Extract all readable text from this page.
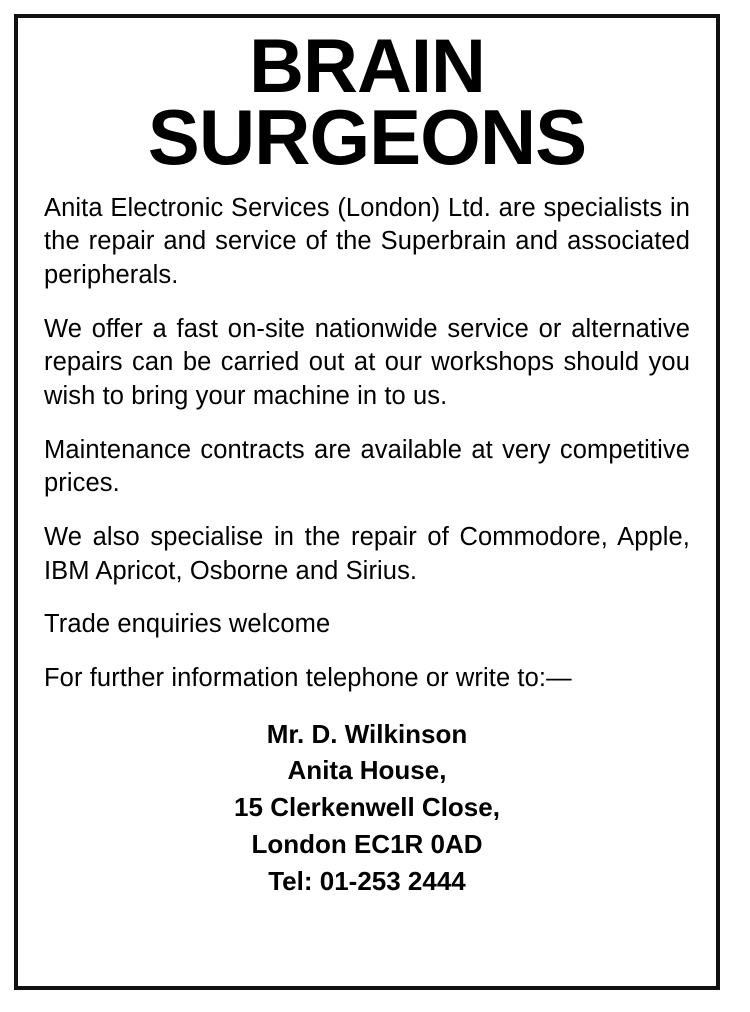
BRAIN
SURGEONS

Anita Electronic Services (London) Ltd. are specialists in the repair and service of the Superbrain and associated peripherals.

We offer a fast on-site nationwide service or alternative repairs can be carried out at our workshops should you wish to bring your machine in to us.

Maintenance contracts are available at very competitive prices.

We also specialise in the repair of Commodore, Apple, IBM Apricot, Osborne and Sirius.

Trade enquiries welcome

For further information telephone or write to:—

Mr. D. Wilkinson
Anita House,
15 Clerkenwell Close,
London EC1R 0AD
Tel: 01-253 2444
